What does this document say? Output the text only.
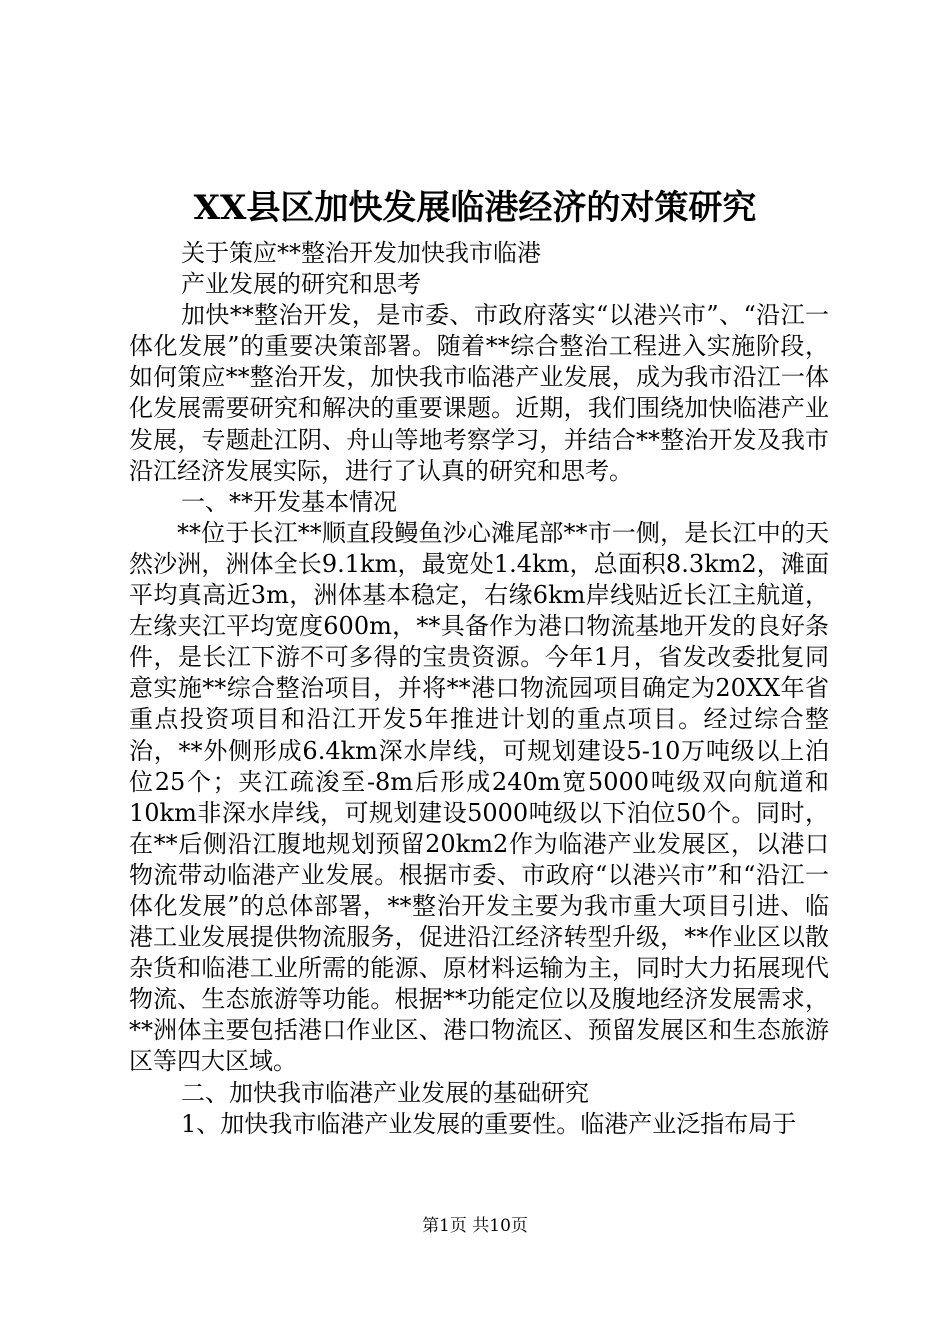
XX县区加快发展临港经济的对策研究

关于策应**整治开发加快我市临港

产业发展的研究和思考

加快**整治开发，是市委、市政府落实“以港兴市”、“沿江一体化发展”的重要决策部署。随着**综合整治工程进入实施阶段，如何策应**整治开发，加快我市临港产业发展，成为我市沿江一体化发展需要研究和解决的重要课题。近期，我们围绕加快临港产业发展，专题赴江阴、舟山等地考察学习，并结合**整治开发及我市沿江经济发展实际，进行了认真的研究和思考。

一、**开发基本情况

**位于长江**顺直段鳗鱼沙心滩尾部**市一侧，是长江中的天然沙洲，洲体全长9.1km，最宽处1.4km，总面积8.3km2，滩面平均真高近3m，洲体基本稳定，右缘6km岸线贴近长江主航道，左缘夹江平均宽度600m，**具备作为港口物流基地开发的良好条件，是长江下游不可多得的宝贵资源。今年1月，省发改委批复同意实施**综合整治项目，并将**港口物流园项目确定为20XX年省重点投资项目和沿江开发5年推进计划的重点项目。经过综合整治，**外侧形成6.4km深水岸线，可规划建设5-10万吨级以上泊位25个；夹江疏浚至-8m后形成240m宽5000吨级双向航道和10km非深水岸线，可规划建设5000吨级以下泊位50个。同时，在**后侧沿江腹地规划预留20km2作为临港产业发展区，以港口物流带动临港产业发展。根据市委、市政府“以港兴市”和“沿江一体化发展”的总体部署，**整治开发主要为我市重大项目引进、临港工业发展提供物流服务，促进沿江经济转型升级，**作业区以散杂货和临港工业所需的能源、原材料运输为主，同时大力拓展现代物流、生态旅游等功能。根据**功能定位以及腹地经济发展需求，**洲体主要包括港口作业区、港口物流区、预留发展区和生态旅游区等四大区域。

二、加快我市临港产业发展的基础研究

1、加快我市临港产业发展的重要性。临港产业泛指布局于

第1页 共10页
